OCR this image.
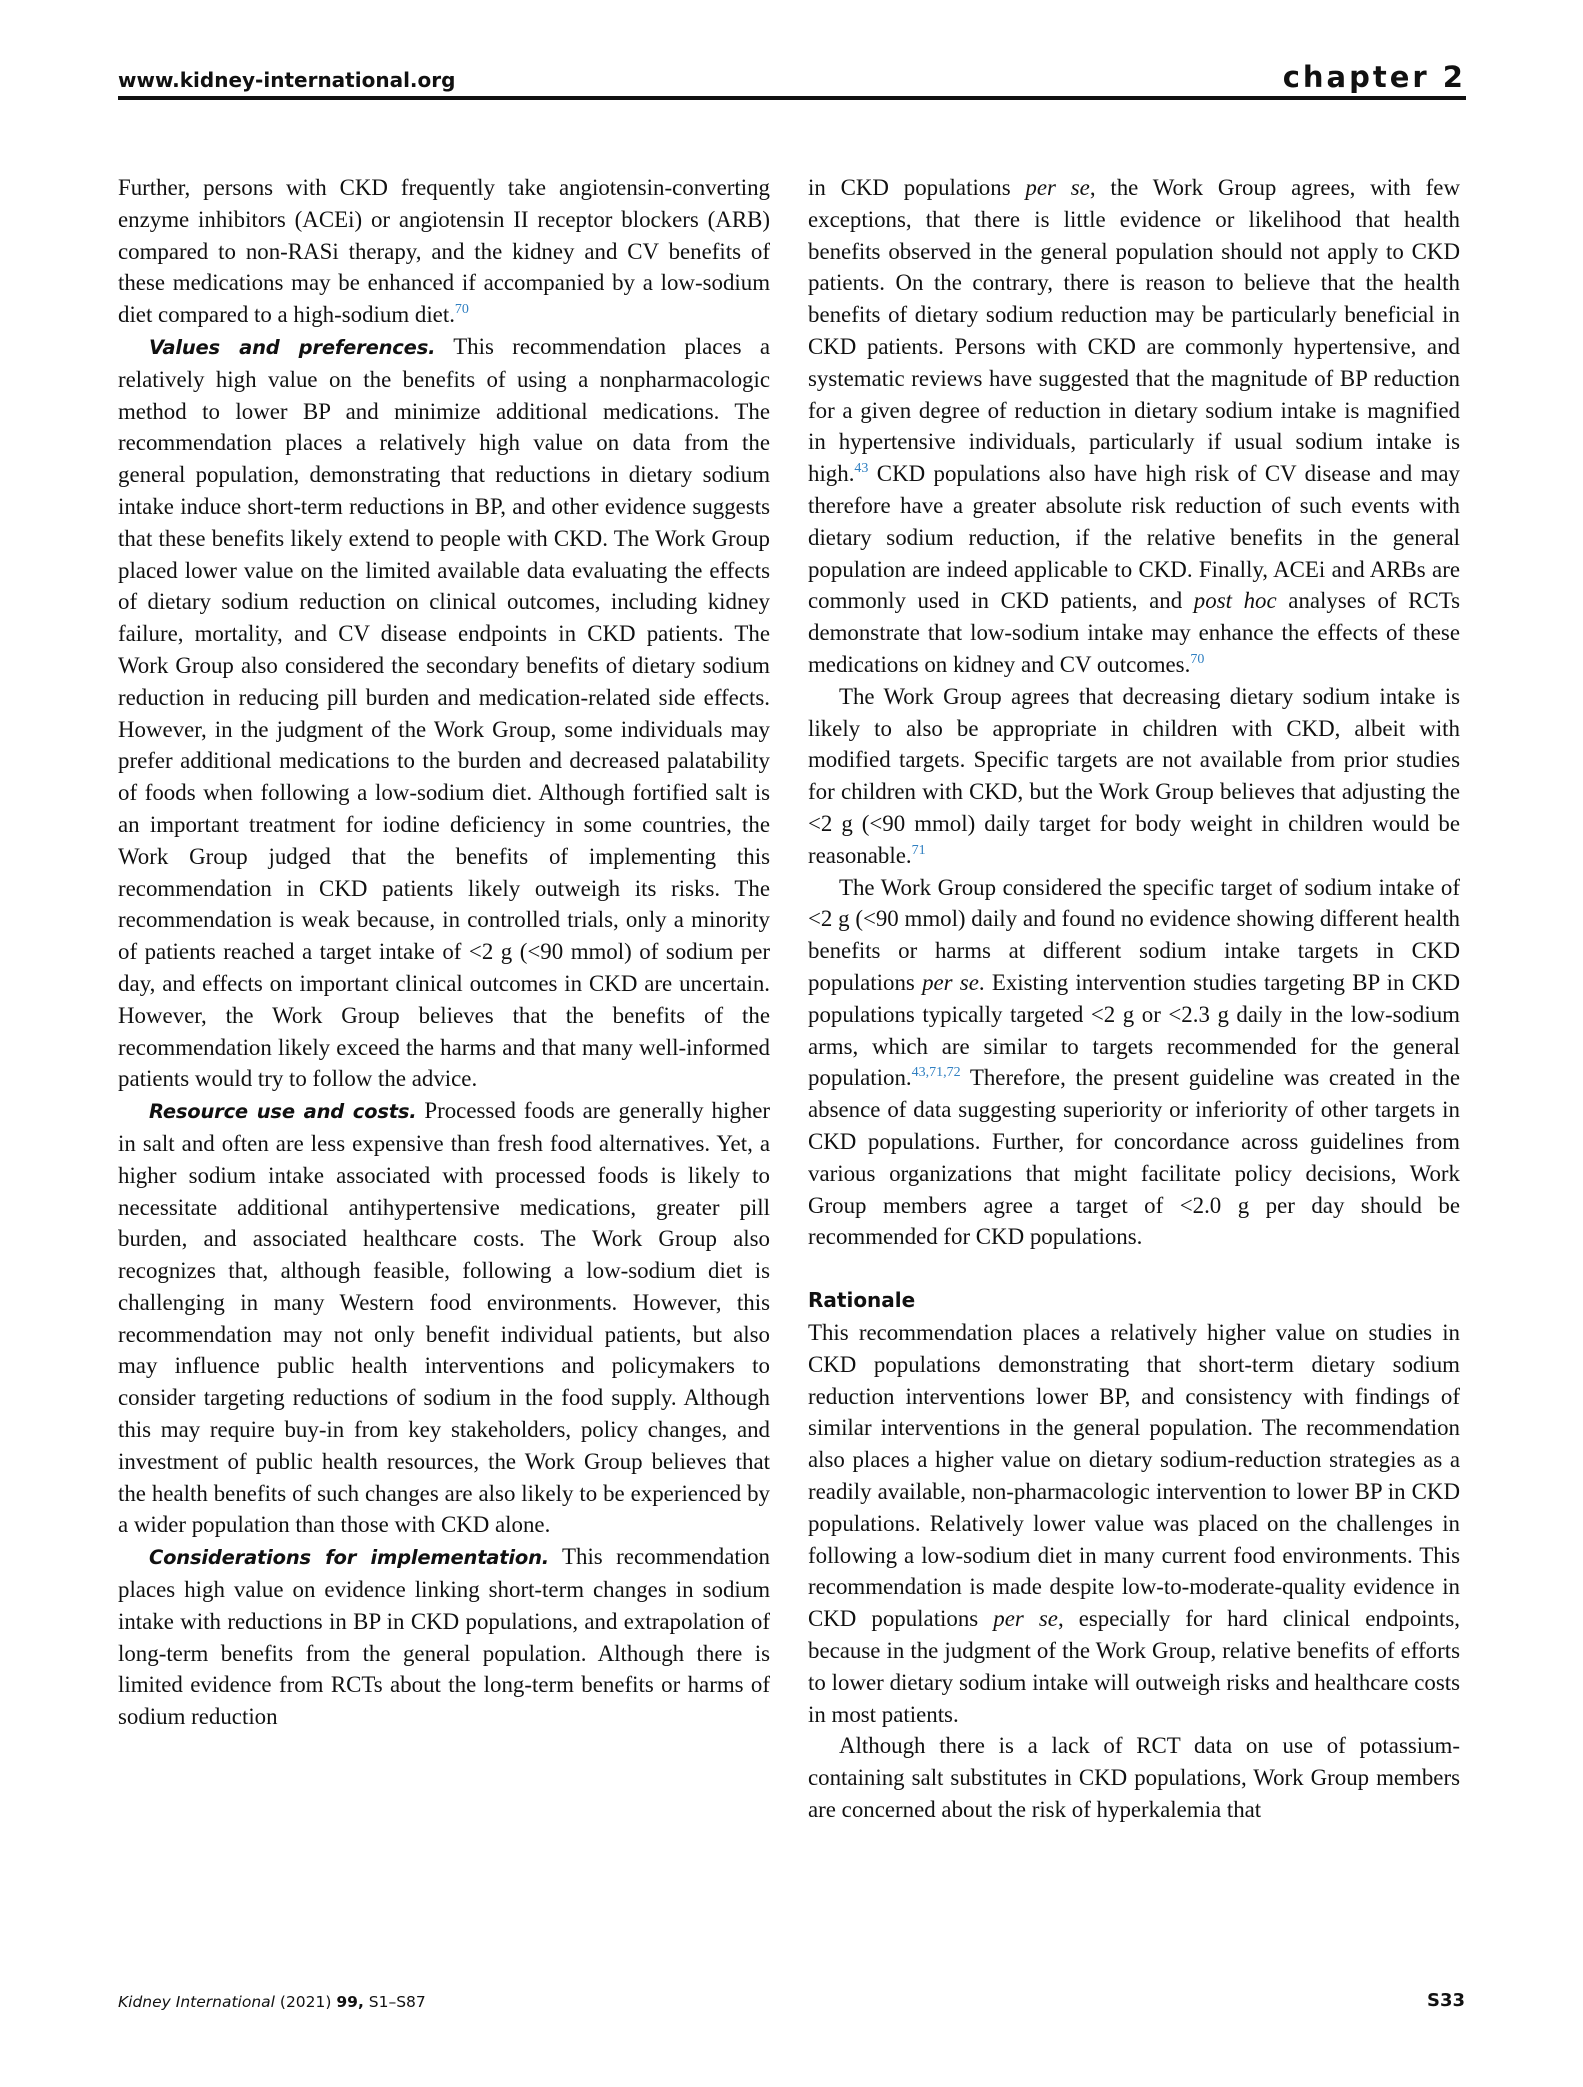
www.kidney-international.org	chapter 2

Further, persons with CKD frequently take angiotensin-converting enzyme inhibitors (ACEi) or angiotensin II receptor blockers (ARB) compared to non-RASi therapy, and the kidney and CV benefits of these medications may be enhanced if accompanied by a low-sodium diet compared to a high-sodium diet.$^{70}$

Values and preferences. This recommendation places a relatively high value on the benefits of using a nonpharmacologic method to lower BP and minimize additional medications. The recommendation places a relatively high value on data from the general population, demonstrating that reductions in dietary sodium intake induce short-term reductions in BP, and other evidence suggests that these benefits likely extend to people with CKD. The Work Group placed lower value on the limited available data evaluating the effects of dietary sodium reduction on clinical outcomes, including kidney failure, mortality, and CV disease endpoints in CKD patients. The Work Group also considered the secondary benefits of dietary sodium reduction in reducing pill burden and medication-related side effects. However, in the judgment of the Work Group, some individuals may prefer additional medications to the burden and decreased palatability of foods when following a low-sodium diet. Although fortified salt is an important treatment for iodine deficiency in some countries, the Work Group judged that the benefits of implementing this recommendation in CKD patients likely outweigh its risks. The recommendation is weak because, in controlled trials, only a minority of patients reached a target intake of <2 g (<90 mmol) of sodium per day, and effects on important clinical outcomes in CKD are uncertain. However, the Work Group believes that the benefits of the recommendation likely exceed the harms and that many well-informed patients would try to follow the advice.

Resource use and costs. Processed foods are generally higher in salt and often are less expensive than fresh food alternatives. Yet, a higher sodium intake associated with processed foods is likely to necessitate additional antihypertensive medications, greater pill burden, and associated healthcare costs. The Work Group also recognizes that, although feasible, following a low-sodium diet is challenging in many Western food environments. However, this recommendation may not only benefit individual patients, but also may influence public health interventions and policymakers to consider targeting reductions of sodium in the food supply. Although this may require buy-in from key stakeholders, policy changes, and investment of public health resources, the Work Group believes that the health benefits of such changes are also likely to be experienced by a wider population than those with CKD alone.

Considerations for implementation. This recommendation places high value on evidence linking short-term changes in sodium intake with reductions in BP in CKD populations, and extrapolation of long-term benefits from the general population. Although there is limited evidence from RCTs about the long-term benefits or harms of sodium reduction

in CKD populations per se, the Work Group agrees, with few exceptions, that there is little evidence or likelihood that health benefits observed in the general population should not apply to CKD patients. On the contrary, there is reason to believe that the health benefits of dietary sodium reduction may be particularly beneficial in CKD patients. Persons with CKD are commonly hypertensive, and systematic reviews have suggested that the magnitude of BP reduction for a given degree of reduction in dietary sodium intake is magnified in hypertensive individuals, particularly if usual sodium intake is high.$^{43}$ CKD populations also have high risk of CV disease and may therefore have a greater absolute risk reduction of such events with dietary sodium reduction, if the relative benefits in the general population are indeed applicable to CKD. Finally, ACEi and ARBs are commonly used in CKD patients, and post hoc analyses of RCTs demonstrate that low-sodium intake may enhance the effects of these medications on kidney and CV outcomes.$^{70}$

The Work Group agrees that decreasing dietary sodium intake is likely to also be appropriate in children with CKD, albeit with modified targets. Specific targets are not available from prior studies for children with CKD, but the Work Group believes that adjusting the <2 g (<90 mmol) daily target for body weight in children would be reasonable.$^{71}$

The Work Group considered the specific target of sodium intake of <2 g (<90 mmol) daily and found no evidence showing different health benefits or harms at different sodium intake targets in CKD populations per se. Existing intervention studies targeting BP in CKD populations typically targeted <2 g or <2.3 g daily in the low-sodium arms, which are similar to targets recommended for the general population.$^{43,71,72}$ Therefore, the present guideline was created in the absence of data suggesting superiority or inferiority of other targets in CKD populations. Further, for concordance across guidelines from various organizations that might facilitate policy decisions, Work Group members agree a target of <2.0 g per day should be recommended for CKD populations.

Rationale

This recommendation places a relatively higher value on studies in CKD populations demonstrating that short-term dietary sodium reduction interventions lower BP, and consistency with findings of similar interventions in the general population. The recommendation also places a higher value on dietary sodium-reduction strategies as a readily available, non-pharmacologic intervention to lower BP in CKD populations. Relatively lower value was placed on the challenges in following a low-sodium diet in many current food environments. This recommendation is made despite low-to-moderate-quality evidence in CKD populations per se, especially for hard clinical endpoints, because in the judgment of the Work Group, relative benefits of efforts to lower dietary sodium intake will outweigh risks and healthcare costs in most patients.

Although there is a lack of RCT data on use of potassium-containing salt substitutes in CKD populations, Work Group members are concerned about the risk of hyperkalemia that

Kidney International (2021) 99, S1–S87	S33
